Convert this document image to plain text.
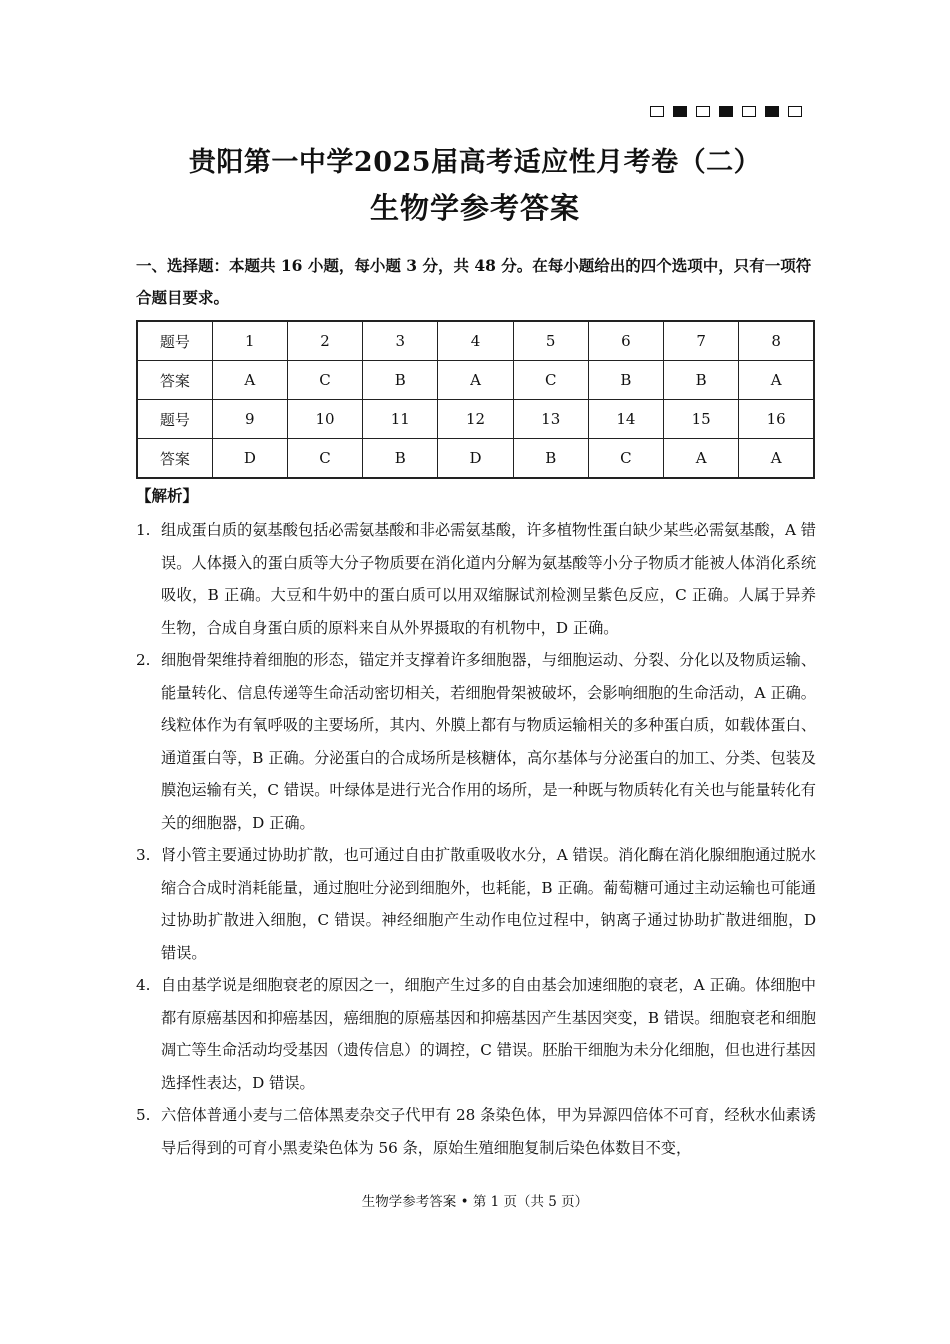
贵阳第一中学2025届高考适应性月考卷（二）
生物学参考答案

一、选择题：本题共 16 小题，每小题 3 分，共 48 分。在每小题给出的四个选项中，只有一项符合题目要求。

题号	1	2	3	4	5	6	7	8
答案	A	C	B	A	C	B	B	A
题号	9	10	11	12	13	14	15	16
答案	D	C	B	D	B	C	A	A

【解析】

1. 组成蛋白质的氨基酸包括必需氨基酸和非必需氨基酸，许多植物性蛋白缺少某些必需氨基酸，A 错误。人体摄入的蛋白质等大分子物质要在消化道内分解为氨基酸等小分子物质才能被人体消化系统吸收，B 正确。大豆和牛奶中的蛋白质可以用双缩脲试剂检测呈紫色反应，C 正确。人属于异养生物，合成自身蛋白质的原料来自从外界摄取的有机物中，D 正确。

2. 细胞骨架维持着细胞的形态，锚定并支撑着许多细胞器，与细胞运动、分裂、分化以及物质运输、能量转化、信息传递等生命活动密切相关，若细胞骨架被破坏，会影响细胞的生命活动，A 正确。线粒体作为有氧呼吸的主要场所，其内、外膜上都有与物质运输相关的多种蛋白质，如载体蛋白、通道蛋白等，B 正确。分泌蛋白的合成场所是核糖体，高尔基体与分泌蛋白的加工、分类、包装及膜泡运输有关，C 错误。叶绿体是进行光合作用的场所，是一种既与物质转化有关也与能量转化有关的细胞器，D 正确。

3. 肾小管主要通过协助扩散，也可通过自由扩散重吸收水分，A 错误。消化酶在消化腺细胞通过脱水缩合合成时消耗能量，通过胞吐分泌到细胞外，也耗能，B 正确。葡萄糖可通过主动运输也可能通过协助扩散进入细胞，C 错误。神经细胞产生动作电位过程中，钠离子通过协助扩散进细胞，D 错误。

4. 自由基学说是细胞衰老的原因之一，细胞产生过多的自由基会加速细胞的衰老，A 正确。体细胞中都有原癌基因和抑癌基因，癌细胞的原癌基因和抑癌基因产生基因突变，B 错误。细胞衰老和细胞凋亡等生命活动均受基因（遗传信息）的调控，C 错误。胚胎干细胞为未分化细胞，但也进行基因选择性表达，D 错误。

5. 六倍体普通小麦与二倍体黑麦杂交子代甲有 28 条染色体，甲为异源四倍体不可育，经秋水仙素诱导后得到的可育小黑麦染色体为 56 条，原始生殖细胞复制后染色体数目不变，

生物学参考答案 • 第 1 页（共 5 页）
